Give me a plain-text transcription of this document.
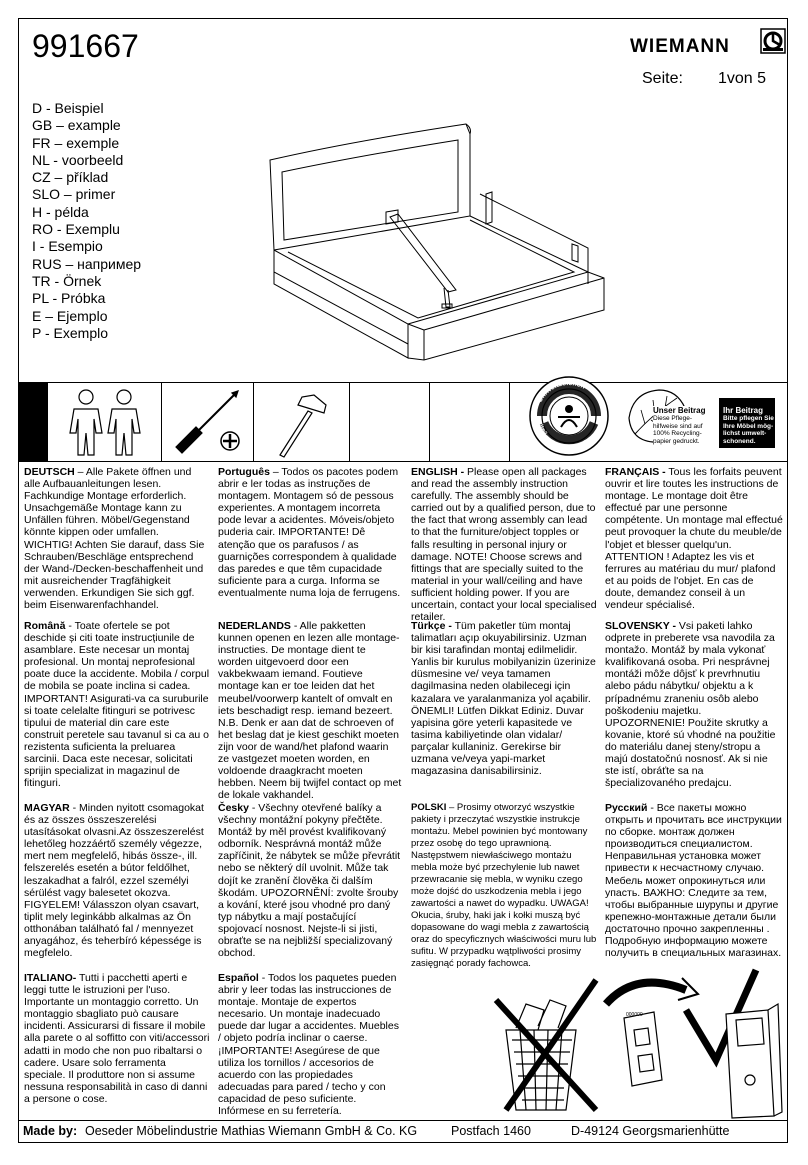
991667	WIEMANN
Seite: 1von 5
D - Beispiel
GB – example
FR – exemple
NL - voorbeeld
CZ – příklad
SLO – primer
H - példa
RO - Exemplu
I - Esempio
RUS – например
TR - Örnek
PL - Próbka
E – Ejemplo
P - Exemplo
Umweltzeichen
weil aus 100% Altpapier
Unser Beitrag
Diese Pflege-hilfweise sind auf 100% Recycling-papier gedruckt.
Ihr Beitrag
Bitte pflegen Sie Ihre Möbel mög-lichst umwelt-schonend.

DEUTSCH – Alle Pakete öffnen und alle Aufbauanleitungen lesen. Fachkundige Montage erforderlich. Unsachgemäße Montage kann zu Unfällen führen. Möbel/Gegenstand könnte kippen oder umfallen. WICHTIG! Achten Sie darauf, dass Sie Schrauben/Beschläge entsprechend der Wand-/Decken-beschaffenheit und mit ausreichender Tragfähigkeit verwenden. Erkundigen Sie sich ggf. beim Eisenwarenfachhandel.

Română - Toate ofertele se pot deschide și citi toate instrucțiunile de asamblare. Este necesar un montaj profesional. Un montaj neprofesional poate duce la accidente. Mobila / corpul de mobila se poate inclina si cadea. IMPORTANT! Asigurati-va ca suruburile si toate celelalte fitinguri se potrivesc tipului de material din care este construit peretele sau tavanul si ca au o rezistenta suficienta la preluarea sarcinii. Daca este necesar, solicitati sprijin specializat in magazinul de fitinguri.

MAGYAR - Minden nyitott csomagokat és az összes összeszerelési utasításokat olvasni.Az összeszerelést lehetőleg hozzáértő személy végezze, mert nem megfelelő, hibás össze-, ill. felszerelés esetén a bútor feldőlhet, leszakadhat a falról, ezzel személyi sérülést vagy balesetet okozva. FIGYELEM! Válasszon olyan csavart, tiplit mely leginkább alkalmas az Ön otthonában található fal / mennyezet anyagához, és teherbíró képessége is megfelelo.

ITALIANO- Tutti i pacchetti aperti e leggi tutte le istruzioni per l'uso. Importante un montaggio corretto. Un montaggio sbagliato può causare incidenti. Assicurarsi di fissare il mobile alla parete o al soffitto con viti/accessori adatti in modo che non puo ribaltarsi o cadere. Usare solo ferramenta speciale. Il produttore non si assume nessuna responsabilità in caso di danni a persone o cose.

Português – Todos os pacotes podem abrir e ler todas as instruções de montagem. Montagem só de pessous experientes. A montagem incorreta pode levar a acidentes. Móveis/objeto puderia cair. IMPORTANTE! Dê atenção que os parafusos / as guarnições correspondem à qualidade das paredes e que têm cupacidade suficiente para a curga. Informa se eventualmente numa loja de ferrugens.

NEDERLANDS - Alle pakketten kunnen openen en lezen alle montage-instructies. De montage dient te worden uitgevoerd door een vakbekwaam iemand. Foutieve montage kan er toe leiden dat het meubel/voorwerp kantelt of omvalt en iets beschadigt resp. iemand bezeert. N.B. Denk er aan dat de schroeven of het beslag dat je kiest geschikt moeten zijn voor de wand/het plafond waarin ze vastgezet moeten worden, en voldoende draagkracht moeten hebben. Neem bij twijfel contact op met de lokale vakhandel.

Česky - Všechny otevřené balíky a všechny montážní pokyny přečtěte. Montáž by měl provést kvalifikovaný odborník. Nesprávná montáž může zapříčinit, že nábytek se může převrátit nebo se některý díl uvolnit. Může tak dojít ke zranění člověka či dalším škodám. UPOZORNĚNÍ: zvolte šrouby a kování, které jsou vhodné pro daný typ nábytku a mají postačující spojovací nosnost. Nejste-li si jisti, obraťte se na nejbližší specializovaný obchod.

Español - Todos los paquetes pueden abrir y leer todas las instrucciones de montaje. Montaje de expertos necesario. Un montaje inadecuado puede dar lugar a accidentes. Muebles / objeto podría inclinar o caerse. ¡IMPORTANTE! Asegúrese de que utiliza los tornillos / accesorios de acuerdo con las propiedades adecuadas para pared / techo y con capacidad de peso suficiente. Infórmese en su ferretería.

ENGLISH - Please open all packages and read the assembly instruction carefully. The assembly should be carried out by a qualified person, due to the fact that wrong assembly can lead to that the furniture/object topples or falls resulting in personal injury or damage. NOTE! Choose screws and fittings that are specially suited to the material in your wall/ceiling and have sufficient holding power. If you are uncertain, contact your local specialised retailer.

Türkçe - Tüm paketler tüm montaj talimatları açıp okuyabilirsiniz. Uzman bir kisi tarafindan montaj edilmelidir. Yanlis bir kurulus mobilyanizin üzerinize düsmesine ve/ veya tamamen dagilmasina neden olabilecegi için kazalara ve yaralanmaniza yol açabilir. ÖNEMLI! Lütfen Dikkat Ediniz. Duvar yapisina göre yeterli kapasitede ve tasima kabiliyetinde olan vidalar/ parçalar kullaniniz. Gerekirse bir uzmana ve/veya yapi-market magazasina danisabilirsiniz.

POLSKI – Prosimy otworzyć wszystkie pakiety i przeczytać wszystkie instrukcje montażu. Mebel powinien być montowany przez osobę do tego uprawnioną. Następstwem niewłaściwego montażu mebla może być przechylenie lub nawet przewracanie się mebla, w wyniku czego może dojść do uszkodzenia mebla i jego zawartości a nawet do wypadku. UWAGA! Okucia, śruby, haki jak i kołki muszą być dopasowane do wagi mebla z zawartością oraz do specyficznych właściwości muru lub sufitu. W przypadku wątpliwości prosimy zasięgnąć porady fachowca.

FRANÇAIS - Tous les forfaits peuvent ouvrir et lire toutes les instructions de montage. Le montage doit être effectué par une personne compétente. Un montage mal effectué peut provoquer la chute du meuble/de l'objet et blesser quelqu'un. ATTENTION ! Adaptez les vis et ferrures au matériau du mur/ plafond et au poids de l'objet. En cas de doute, demandez conseil à un vendeur spécialisé.

SLOVENSKY - Vsi paketi lahko odprete in preberete vsa navodila za montažo. Montáž by mala vykonať kvalifikovaná osoba. Pri nesprávnej montáži môže dôjsť k prevrhnutiu alebo pádu nábytku/ objektu a k prípadnému zraneniu osôb alebo poškodeniu majetku. UPOZORNENIE! Použite skrutky a kovanie, ktoré sú vhodné na použitie do materiálu danej steny/stropu a majú dostatočnú nosnosť. Ak si nie ste istí, obráťte sa na špecializovaného predajcu.

Русский - Все пакеты можно открыть и прочитать все инструкции по сборке. монтаж должен производиться специалистом. Неправильная установка может привести к несчастному случаю. Мебель может опрокинуться или упасть. ВАЖНО: Следите за тем, чтобы выбранные шурупы и другие крепежно-монтажные детали были достаточно прочно закрепленны . Подробную информацию можете получить в специальных магазинах.

000000
Made by: Oeseder Möbelindustrie Mathias Wiemann GmbH & Co. KG	Postfach 1460	D-49124 Georgsmarienhütte
